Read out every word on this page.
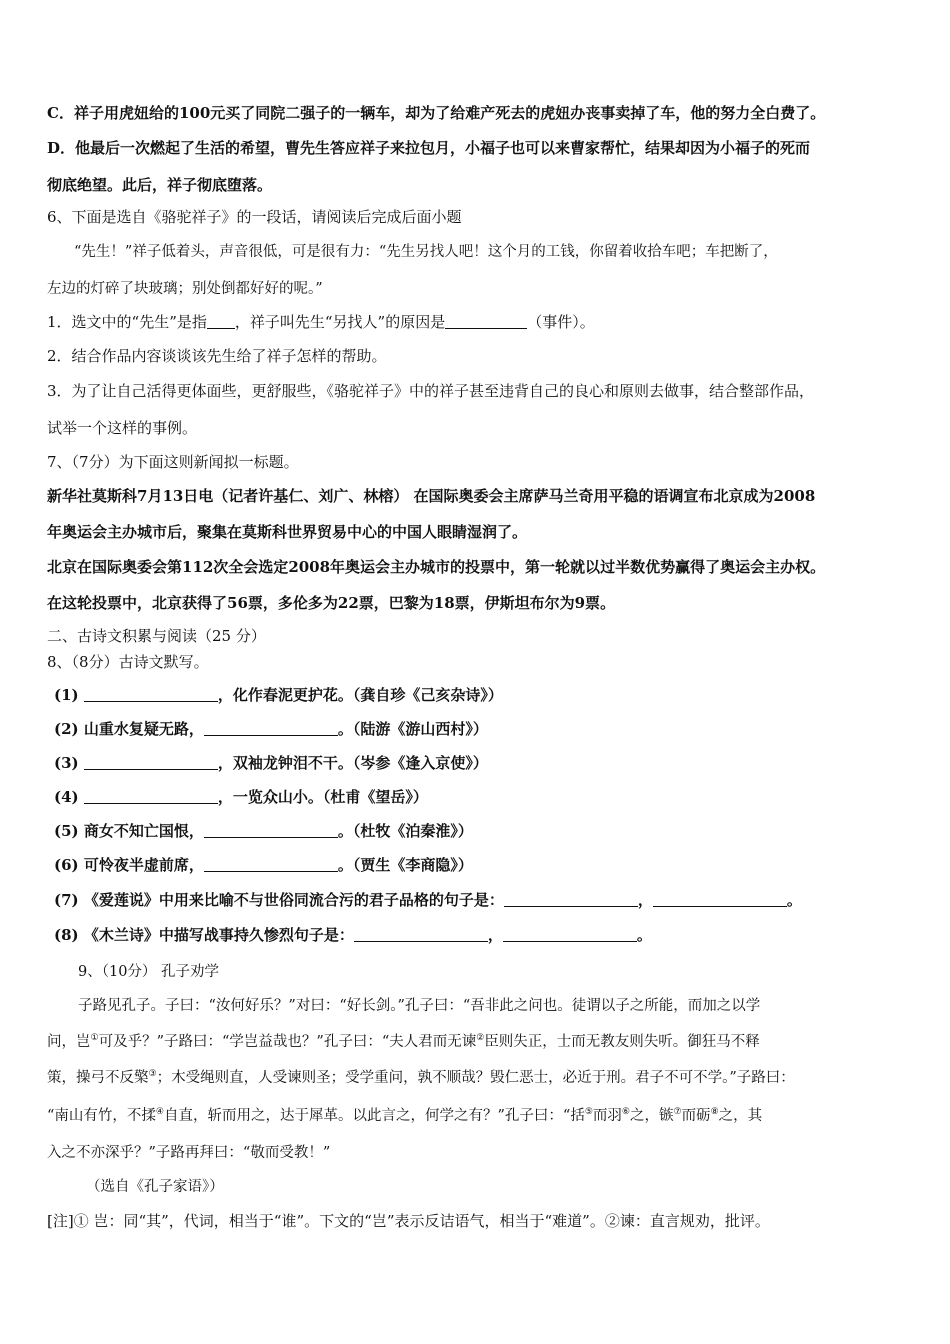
C．祥子用虎妞给的100元买了同院二强子的一辆车，却为了给难产死去的虎妞办丧事卖掉了车，他的努力全白费了。
D．他最后一次燃起了生活的希望，曹先生答应祥子来拉包月，小福子也可以来曹家帮忙，结果却因为小福子的死而
彻底绝望。此后，祥子彻底堕落。
6、下面是选自《骆驼祥子》的一段话，请阅读后完成后面小题
“先生！”祥子低着头，声音很低，可是很有力：“先生另找人吧！这个月的工钱，你留着收拾车吧；车把断了，
左边的灯碎了块玻璃；别处倒都好好的呢。”
1．选文中的“先生”是指 ，祥子叫先生“另找人”的原因是	（事件）。
2．结合作品内容谈谈该先生给了祥子怎样的帮助。
3．为了让自己活得更体面些，更舒服些，《骆驼祥子》中的祥子甚至违背自己的良心和原则去做事，结合整部作品，
试举一个这样的事例。
7、（7分）为下面这则新闻拟一标题。
新华社莫斯科7月13日电（记者许基仁、刘广、林榕） 在国际奥委会主席萨马兰奇用平稳的语调宣布北京成为2008
年奥运会主办城市后，聚集在莫斯科世界贸易中心的中国人眼睛湿润了。
北京在国际奥委会第112次全会选定2008年奥运会主办城市的投票中，第一轮就以过半数优势赢得了奥运会主办权。
在这轮投票中，北京获得了56票，多伦多为22票，巴黎为18票，伊斯坦布尔为9票。
二、古诗文积累与阅读（25 分）
8、（8分）古诗文默写。
(1)	，化作春泥更护花。（龚自珍《己亥杂诗》）
(2) 山重水复疑无路，	。（陆游《游山西村》）
(3)	，双袖龙钟泪不干。（岑参《逢入京使》）
(4)	，一览众山小。（杜甫《望岳》）
(5) 商女不知亡国恨，	。（杜牧《泊秦淮》）
(6) 可怜夜半虚前席，	。（贾生《李商隐》）
(7) 《爱莲说》中用来比喻不与世俗同流合污的君子品格的句子是：	，	。
(8) 《木兰诗》中描写战事持久惨烈句子是：	，	。
9、（10分） 孔子劝学
子路见孔子。子曰：“汝何好乐？”对曰：“好长剑。”孔子曰：“吾非此之问也。徒谓以子之所能，而加之以学
问，岂①可及乎？”子路曰：“学岂益哉也？”孔子曰：“夫人君而无谏②臣则失正，士而无教友则失听。御狂马不释
策，操弓不反檠③；木受绳则直，人受谏则圣；受学重问，孰不顺哉？毁仁恶士，必近于刑。君子不可不学。”子路曰：
“南山有竹，不揉④自直，斩而用之，达于犀革。以此言之，何学之有？”孔子曰：“括⑤而羽⑥之，镞⑦而砺⑧之，其
入之不亦深乎？”子路再拜曰：“敬而受教！”
（选自《孔子家语》）
[注]① 岂：同“其”，代词，相当于“谁”。下文的“岂”表示反诘语气，相当于“难道”。②谏：直言规劝，批评。
